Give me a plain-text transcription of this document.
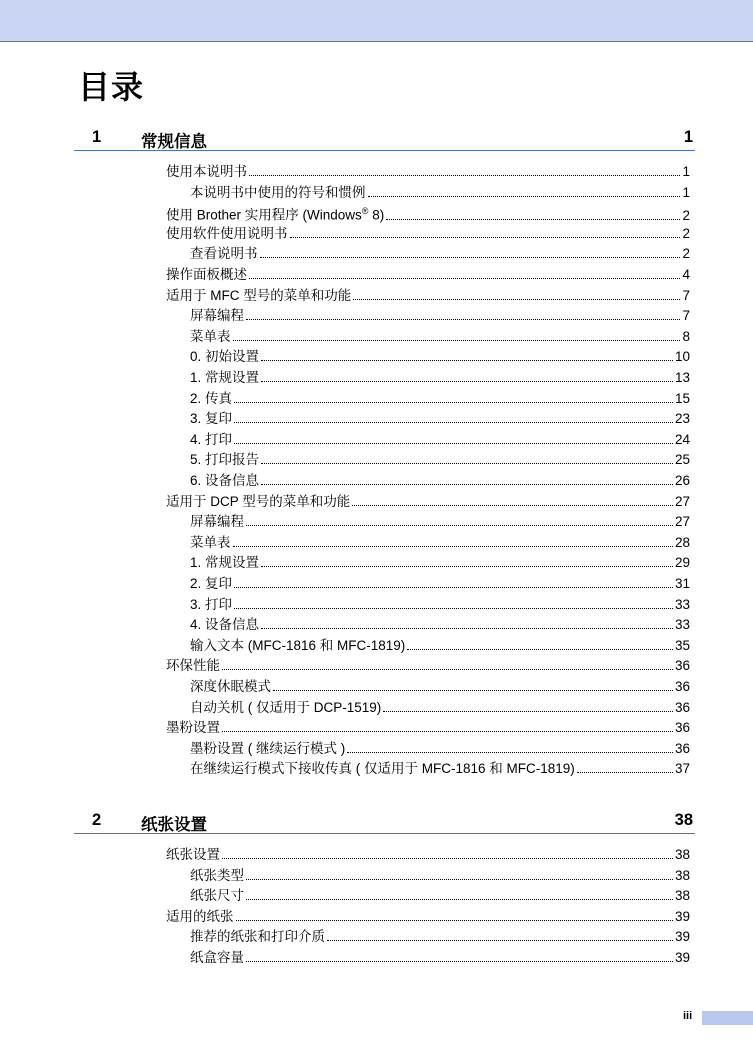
目录
1 常规信息	1
使用本说明书	1
本说明书中使用的符号和惯例	1
使用 Brother 实用程序 (Windows® 8)	2
使用软件使用说明书	2
查看说明书	2
操作面板概述	4
适用于 MFC 型号的菜单和功能	7
屏幕编程	7
菜单表	8
0. 初始设置	10
1. 常规设置	13
2. 传真	15
3. 复印	23
4. 打印	24
5. 打印报告	25
6. 设备信息	26
适用于 DCP 型号的菜单和功能	27
屏幕编程	27
菜单表	28
1. 常规设置	29
2. 复印	31
3. 打印	33
4. 设备信息	33
输入文本 (MFC-1816 和 MFC-1819)	35
环保性能	36
深度休眠模式	36
自动关机 ( 仅适用于 DCP-1519)	36
墨粉设置	36
墨粉设置 ( 继续运行模式 )	36
在继续运行模式下接收传真 ( 仅适用于 MFC-1816 和 MFC-1819)	37
2 纸张设置	38
纸张设置	38
纸张类型	38
纸张尺寸	38
适用的纸张	39
推荐的纸张和打印介质	39
纸盒容量	39
iii
